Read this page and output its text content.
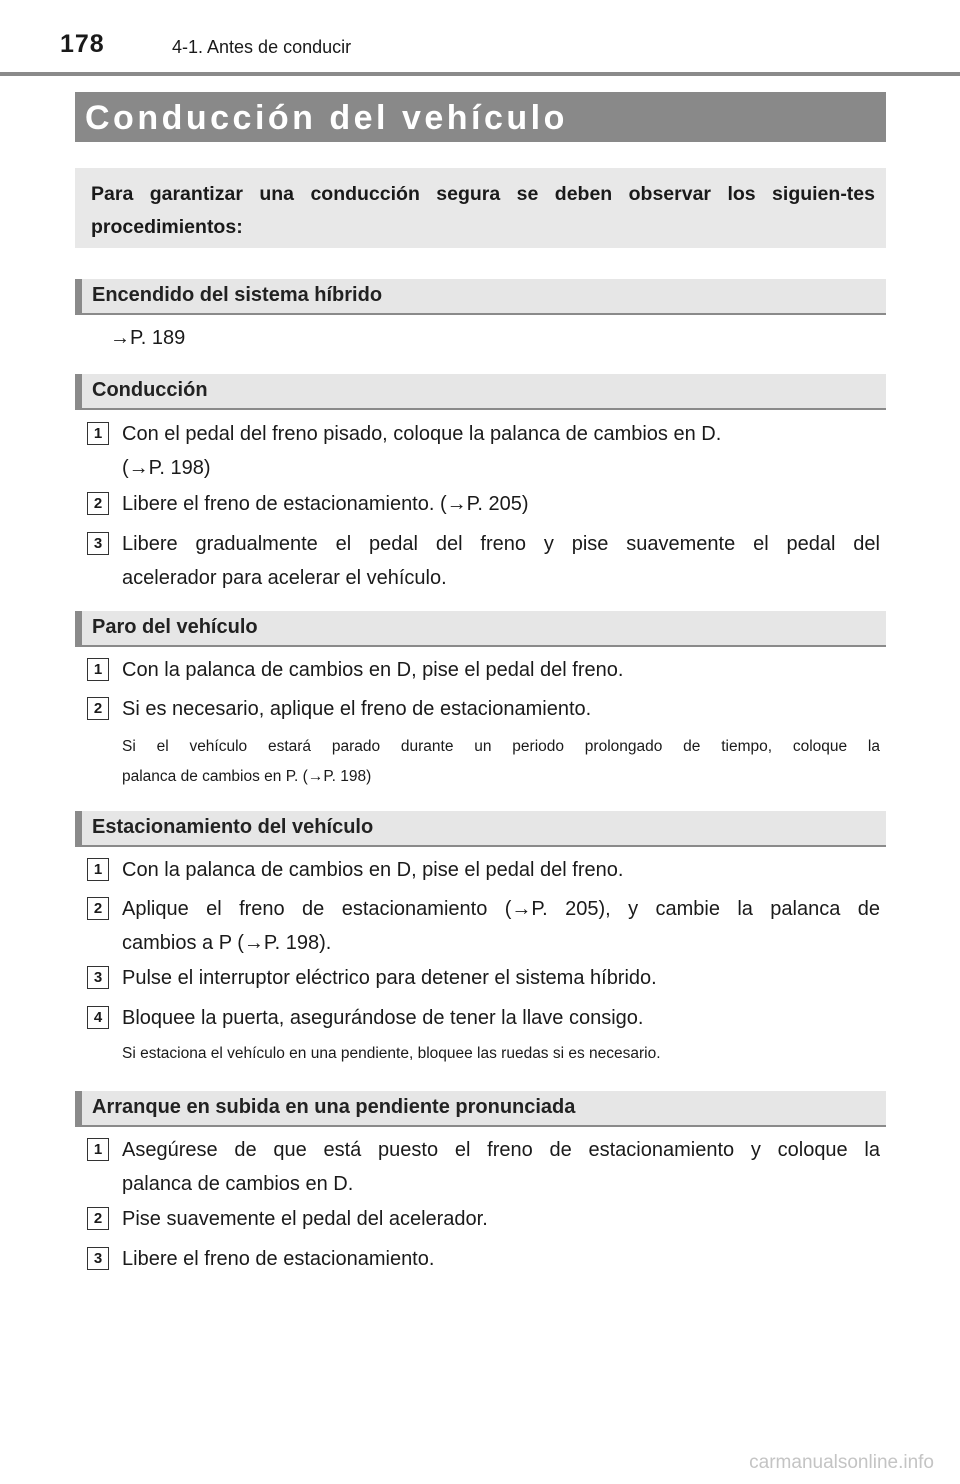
178	4-1. Antes de conducir
Conducción del vehículo
Para garantizar una conducción segura se deben observar los siguien-tes procedimientos:
Encendido del sistema híbrido
→P. 189
Conducción
1 Con el pedal del freno pisado, coloque la palanca de cambios en D.
(→P. 198)
2 Libere el freno de estacionamiento. (→P. 205)
3 Libere gradualmente el pedal del freno y pise suavemente el pedal del
acelerador para acelerar el vehículo.
Paro del vehículo
1 Con la palanca de cambios en D, pise el pedal del freno.
2 Si es necesario, aplique el freno de estacionamiento.
Si el vehículo estará parado durante un periodo prolongado de tiempo, coloque la
palanca de cambios en P. (→P. 198)
Estacionamiento del vehículo
1 Con la palanca de cambios en D, pise el pedal del freno.
2 Aplique el freno de estacionamiento (→P. 205), y cambie la palanca de
cambios a P (→P. 198).
3 Pulse el interruptor eléctrico para detener el sistema híbrido.
4 Bloquee la puerta, asegurándose de tener la llave consigo.
Si estaciona el vehículo en una pendiente, bloquee las ruedas si es necesario.
Arranque en subida en una pendiente pronunciada
1 Asegúrese de que está puesto el freno de estacionamiento y coloque la
palanca de cambios en D.
2 Pise suavemente el pedal del acelerador.
3 Libere el freno de estacionamiento.
carmanualsonline.info
